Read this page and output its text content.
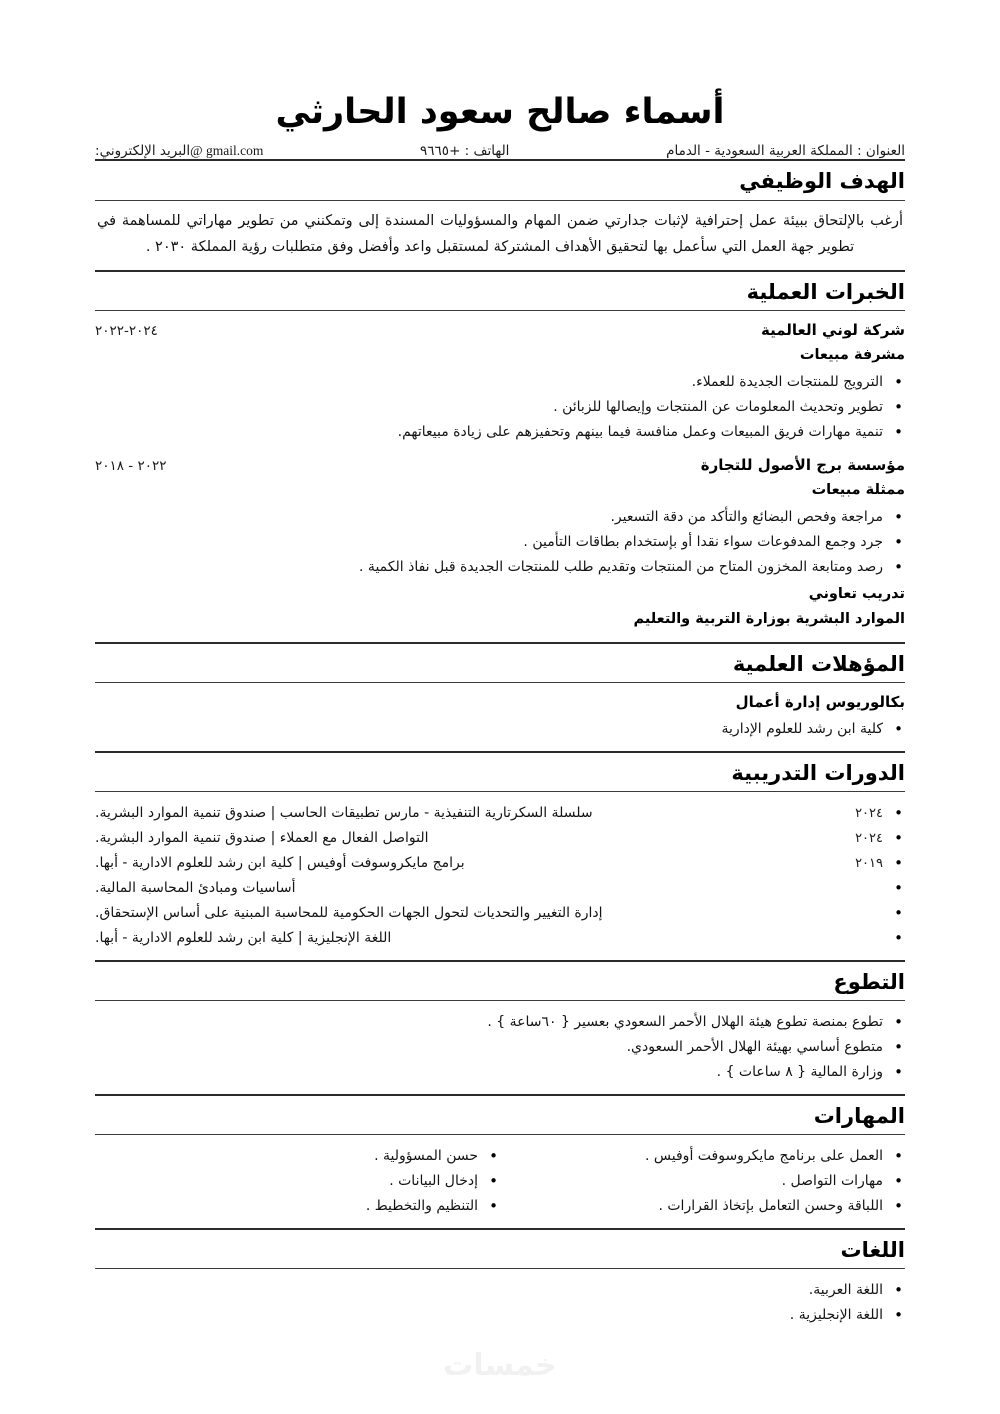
أسماء صالح سعود الحارثي
العنوان : المملكة العربية السعودية - الدمام
الهاتف : +٩٦٦٥
@ gmail.comالبريد الإلكتروني:
الهدف الوظيفي

أرغب بالإلتحاق ببيئة عمل إحترافية لإثبات جدارتي ضمن المهام والمسؤوليات المسندة إلى وتمكنني من تطوير مهاراتي للمساهمة في تطوير جهة العمل التي سأعمل بها لتحقيق الأهداف المشتركة لمستقبل واعد وأفضل وفق متطلبات رؤية المملكة ٢٠٣٠ .

الخبرات العملية
شركة لوني العالمية
٢٠٢٤-٢٠٢٢
مشرفة مبيعات
• الترويج للمنتجات الجديدة للعملاء.
• تطوير وتحديث المعلومات عن المنتجات وإيصالها للزبائن .
• تنمية مهارات فريق المبيعات وعمل منافسة فيما بينهم وتحفيزهم على زيادة مبيعاتهم.
مؤسسة برج الأصول للتجارة
٢٠٢٢ - ٢٠١٨
ممثلة مبيعات
• مراجعة وفحص البضائع والتأكد من دقة التسعير.
• جرد وجمع المدفوعات سواء نقدا أو بإستخدام بطاقات التأمين .
• رصد ومتابعة المخزون المتاح من المنتجات وتقديم طلب للمنتجات الجديدة قبل نفاذ الكمية .
تدريب تعاوني
الموارد البشرية بوزارة التربية والتعليم
المؤهلات العلمية
بكالوريوس إدارة أعمال
• كلية ابن رشد للعلوم الإدارية
الدورات التدريبية
• سلسلة السكرتارية التنفيذية - مارس تطبيقات الحاسب | صندوق تنمية الموارد البشرية.	٢٠٢٤
• التواصل الفعال مع العملاء | صندوق تنمية الموارد البشرية.	٢٠٢٤
• برامج مايكروسوفت أوفيس | كلية ابن رشد للعلوم الادارية - أبها.	٢٠١٩
• أساسيات ومبادئ المحاسبة المالية.
• إدارة التغيير والتحديات لتحول الجهات الحكومية للمحاسبة المبنية على أساس الإستحقاق.
• اللغة الإنجليزية | كلية ابن رشد للعلوم الادارية - أبها.
التطوع
• تطوع بمنصة تطوع هيئة الهلال الأحمر السعودي بعسير { ٦٠ساعة } .
• متطوع أساسي بهيئة الهلال الأحمر السعودي.
• وزارة المالية { ٨ ساعات } .
المهارات
• العمل على برنامج مايكروسوفت أوفيس .
• مهارات التواصل .
• اللباقة وحسن التعامل بإتخاذ القرارات .
• حسن المسؤولية .
• إدخال البيانات .
• التنظيم والتخطيط .
اللغات
• اللغة العربية.
• اللغة الإنجليزية .
خمسات
